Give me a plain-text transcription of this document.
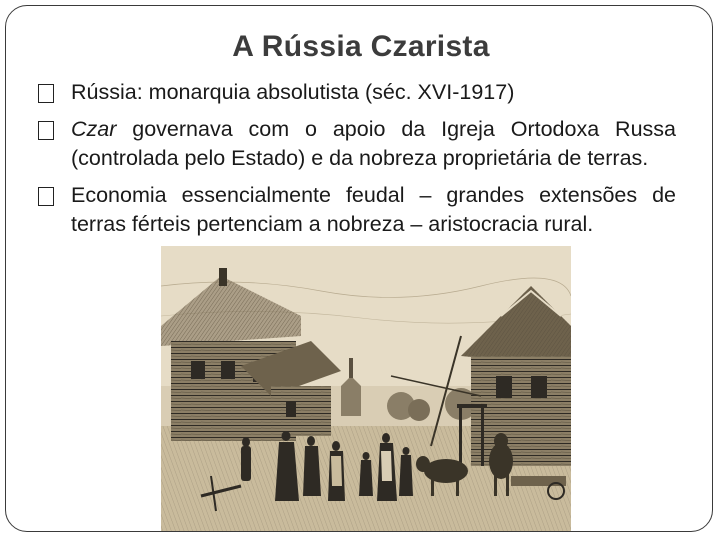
A Rússia Czarista
Rússia: monarquia absolutista (séc. XVI-1917)
Czar governava com o apoio da Igreja Ortodoxa Russa (controlada pelo Estado) e da nobreza proprietária de terras.
Economia essencialmente feudal – grandes extensões de terras férteis pertenciam a nobreza – aristocracia rural.
